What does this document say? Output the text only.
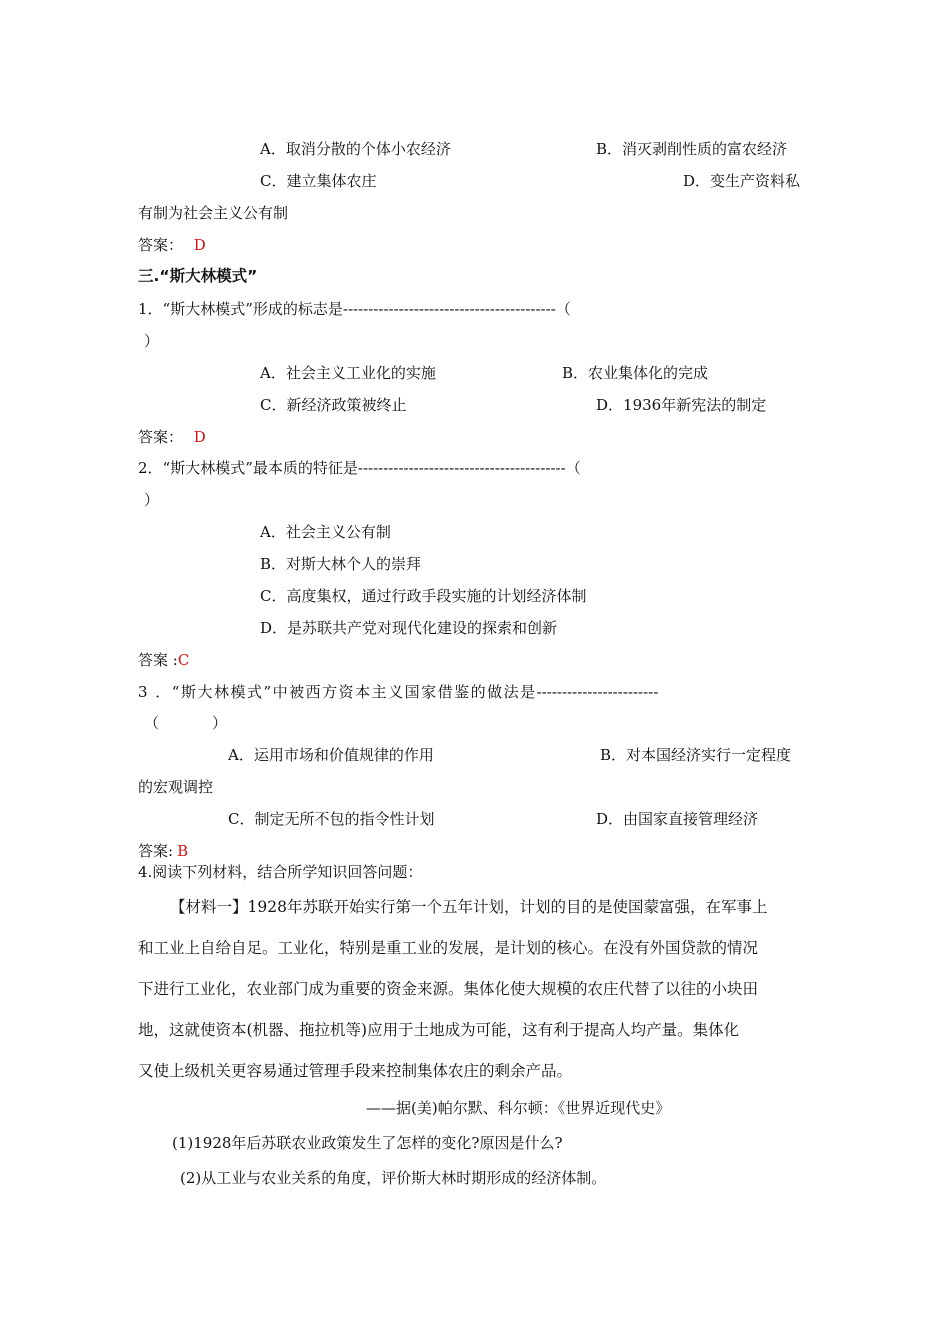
A．取消分散的个体小农经济	B．消灭剥削性质的富农经济
C．建立集体农庄	D．变生产资料私
有制为社会主义公有制
答案： D
三.“斯大林模式”
1．“斯大林模式”形成的标志是------------------------------------------（
）
A．社会主义工业化的实施	B．农业集体化的完成
C．新经济政策被终止	D．1936年新宪法的制定
答案： D
2．“斯大林模式”最本质的特征是-----------------------------------------（
）
A．社会主义公有制
B．对斯大林个人的崇拜
C．高度集权，通过行政手段实施的计划经济体制
D．是苏联共产党对现代化建设的探索和创新
答案 :C
3 ．“斯大林模式”中被西方资本主义国家借鉴的做法是------------------------
（　　　）
A．运用市场和价值规律的作用	B．对本国经济实行一定程度
的宏观调控
C．制定无所不包的指令性计划	D．由国家直接管理经济
答案: B
4.阅读下列材料，结合所学知识回答问题：
【材料一】1928年苏联开始实行第一个五年计划，计划的目的是使国蒙富强，在军事上
和工业上自给自足。工业化，特别是重工业的发展，是计划的核心。在没有外国贷款的情况
下进行工业化，农业部门成为重要的资金来源。集体化使大规模的农庄代替了以往的小块田
地，这就使资本(机器、拖拉机等)应用于土地成为可能，这有利于提高人均产量。集体化
又使上级机关更容易通过管理手段来控制集体农庄的剩余产品。
——据(美)帕尔默、科尔顿：《世界近现代史》
(1)1928年后苏联农业政策发生了怎样的变化?原因是什么?
(2)从工业与农业关系的角度，评价斯大林时期形成的经济体制。
